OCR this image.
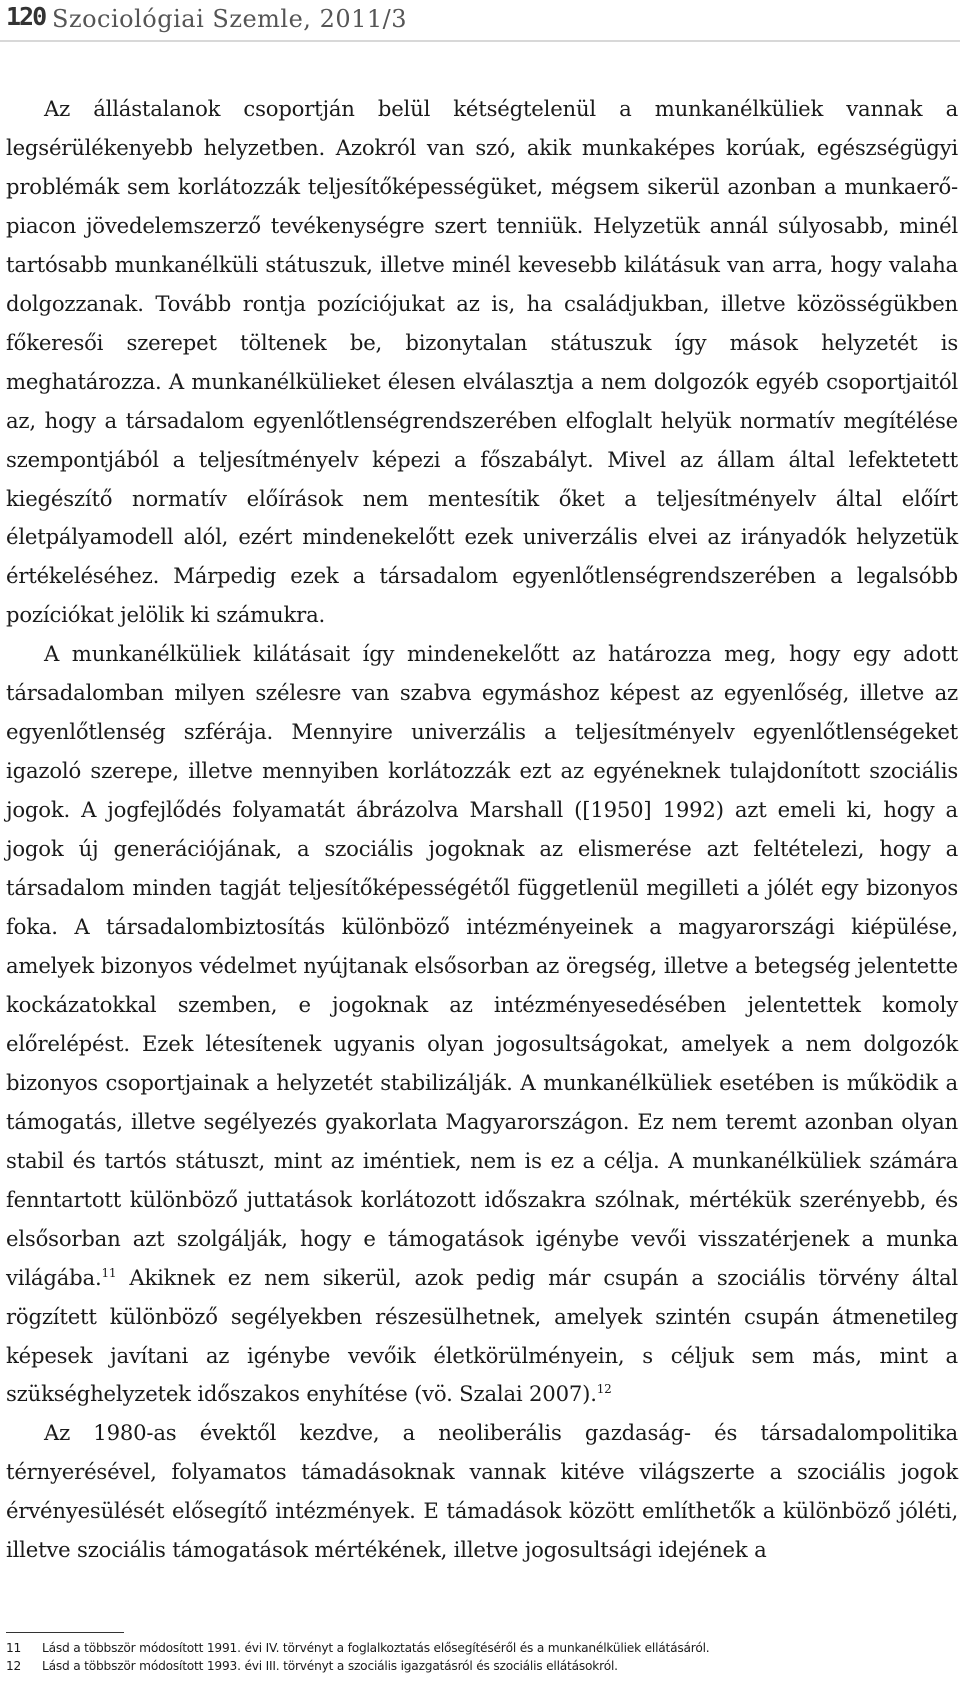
120 Szociológiai Szemle, 2011/3

Az állástalanok csoportján belül kétségtelenül a munkanélküliek vannak a legsérülékenyebb helyzetben. Azokról van szó, akik munkaképes korúak, egészségügyi problémák sem korlátozzák teljesítőképességüket, mégsem sikerül azonban a munkaerő-piacon jövedelemszerző tevékenységre szert tenniük. Helyzetük annál súlyosabb, minél tartósabb munkanélküli státuszuk, illetve minél kevesebb kilátásuk van arra, hogy valaha dolgozzanak. Tovább rontja pozíciójukat az is, ha családjukban, illetve közösségükben főkeresői szerepet töltenek be, bizonytalan státuszuk így mások helyzetét is meghatározza. A munkanélkülieket élesen elválasztja a nem dolgozók egyéb csoportjaitól az, hogy a társadalom egyenlőtlenségrendszerében elfoglalt helyük normatív megítélése szempontjából a teljesítményelv képezi a főszabályt. Mivel az állam által lefektetett kiegészítő normatív előírások nem mentesítik őket a teljesítményelv által előírt életpályamodell alól, ezért mindenekelőtt ezek univerzális elvei az irányadók helyzetük értékeléséhez. Márpedig ezek a társadalom egyenlőtlenségrendszerében a legalsóbb pozíciókat jelölik ki számukra.

A munkanélküliek kilátásait így mindenekelőtt az határozza meg, hogy egy adott társadalomban milyen szélesre van szabva egymáshoz képest az egyenlőség, illetve az egyenlőtlenség szférája. Mennyire univerzális a teljesítményelv egyenlőtlenségeket igazoló szerepe, illetve mennyiben korlátozzák ezt az egyéneknek tulajdonított szociális jogok. A jogfejlődés folyamatát ábrázolva Marshall ([1950] 1992) azt emeli ki, hogy a jogok új generációjának, a szociális jogoknak az elismerése azt feltételezi, hogy a társadalom minden tagját teljesítőképességétől függetlenül megilleti a jólét egy bizonyos foka. A társadalombiztosítás különböző intézményeinek a magyarországi kiépülése, amelyek bizonyos védelmet nyújtanak elsősorban az öregség, illetve a betegség jelentette kockázatokkal szemben, e jogoknak az intézményesedésében jelentettek komoly előrelépést. Ezek létesítenek ugyanis olyan jogosultságokat, amelyek a nem dolgozók bizonyos csoportjainak a helyzetét stabilizálják. A munkanélküliek esetében is működik a támogatás, illetve segélyezés gyakorlata Magyarországon. Ez nem teremt azonban olyan stabil és tartós státuszt, mint az iméntiek, nem is ez a célja. A munkanélküliek számára fenntartott különböző juttatások korlátozott időszakra szólnak, mértékük szerényebb, és elsősorban azt szolgálják, hogy e támogatások igénybe vevői visszatérjenek a munka világába.$^{11}$ Akiknek ez nem sikerül, azok pedig már csupán a szociális törvény által rögzített különböző segélyekben részesülhetnek, amelyek szintén csupán átmenetileg képesek javítani az igénybe vevőik életkörülményein, s céljuk sem más, mint a szükséghelyzetek időszakos enyhítése (vö. Szalai 2007).$^{12}$

Az 1980-as évektől kezdve, a neoliberális gazdaság- és társadalompolitika térnyerésével, folyamatos támadásoknak vannak kitéve világszerte a szociális jogok érvényesülését elősegítő intézmények. E támadások között említhetők a különböző jóléti, illetve szociális támogatások mértékének, illetve jogosultsági idejének a

11	Lásd a többször módosított 1991. évi IV. törvényt a foglalkoztatás elősegítéséről és a munkanélküliek ellátásáról.
12	Lásd a többször módosított 1993. évi III. törvényt a szociális igazgatásról és szociális ellátásokról.
